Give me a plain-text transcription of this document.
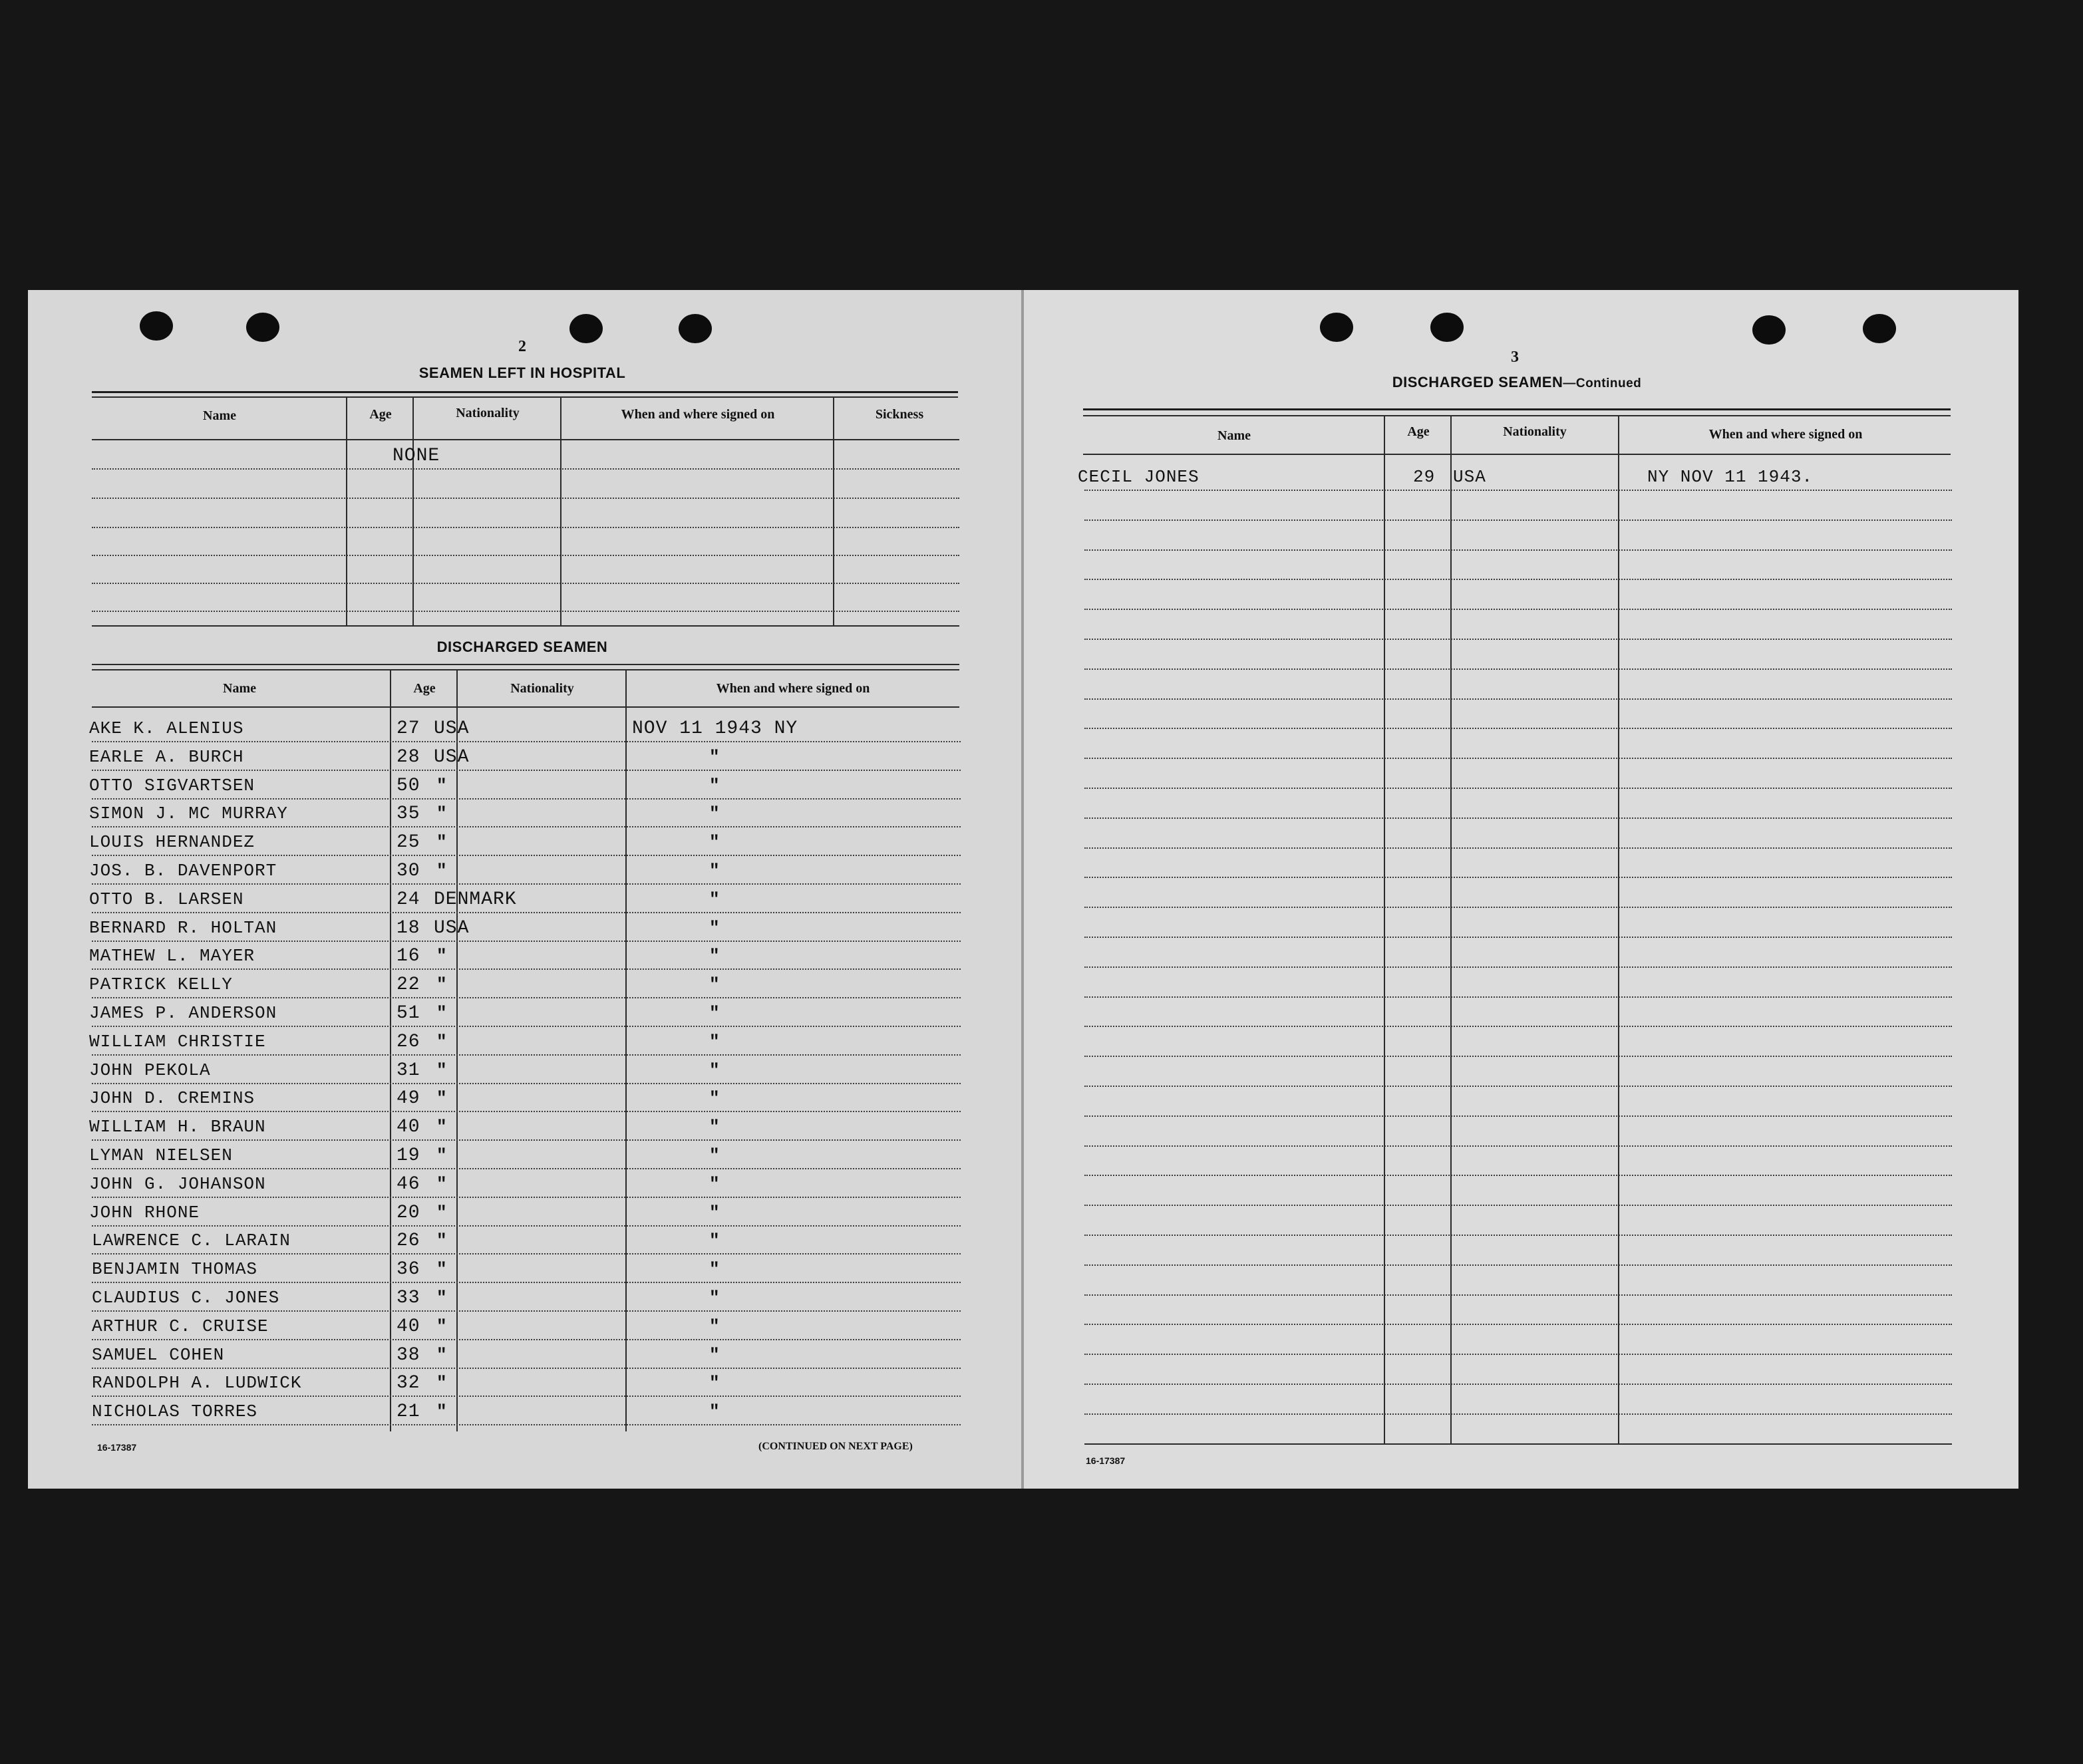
2
SEAMEN LEFT IN HOSPITAL
Name	Age	Nationality	When and where signed on	Sickness
NONE
DISCHARGED SEAMEN
Name	Age	Nationality	When and where signed on
AKE K. ALENIUS	27 USA	NOV 11 1943 NY
EARLE A. BURCH	28 USA	"
OTTO SIGVARTSEN	50 "	"
SIMON J. MC MURRAY	35 "	"
LOUIS HERNANDEZ	25 "	"
JOS. B. DAVENPORT	30 "	"
OTTO B. LARSEN	24 DENMARK	"
BERNARD R. HOLTAN	18 USA	"
MATHEW L. MAYER	16 "	"
PATRICK KELLY	22 "	"
JAMES P. ANDERSON	51 "	"
WILLIAM CHRISTIE	26 "	"
JOHN PEKOLA	31 "	"
JOHN D. CREMINS	49 "	"
WILLIAM H. BRAUN	40 "	"
LYMAN NIELSEN	19 "	"
JOHN G. JOHANSON	46 "	"
JOHN RHONE	20 "	"
LAWRENCE C. LARAIN	26 "	"
BENJAMIN THOMAS	36 "	"
CLAUDIUS C. JONES	33 "	"
ARTHUR C. CRUISE	40 "	"
SAMUEL COHEN	38 "	"
RANDOLPH A. LUDWICK	32 "	"
NICHOLAS TORRES	21 "	"
16-17387	(CONTINUED ON NEXT PAGE)
3
DISCHARGED SEAMEN—Continued
Name	Age	Nationality	When and where signed on
CECIL JONES	29 USA	NY NOV 11 1943.
16-17387
